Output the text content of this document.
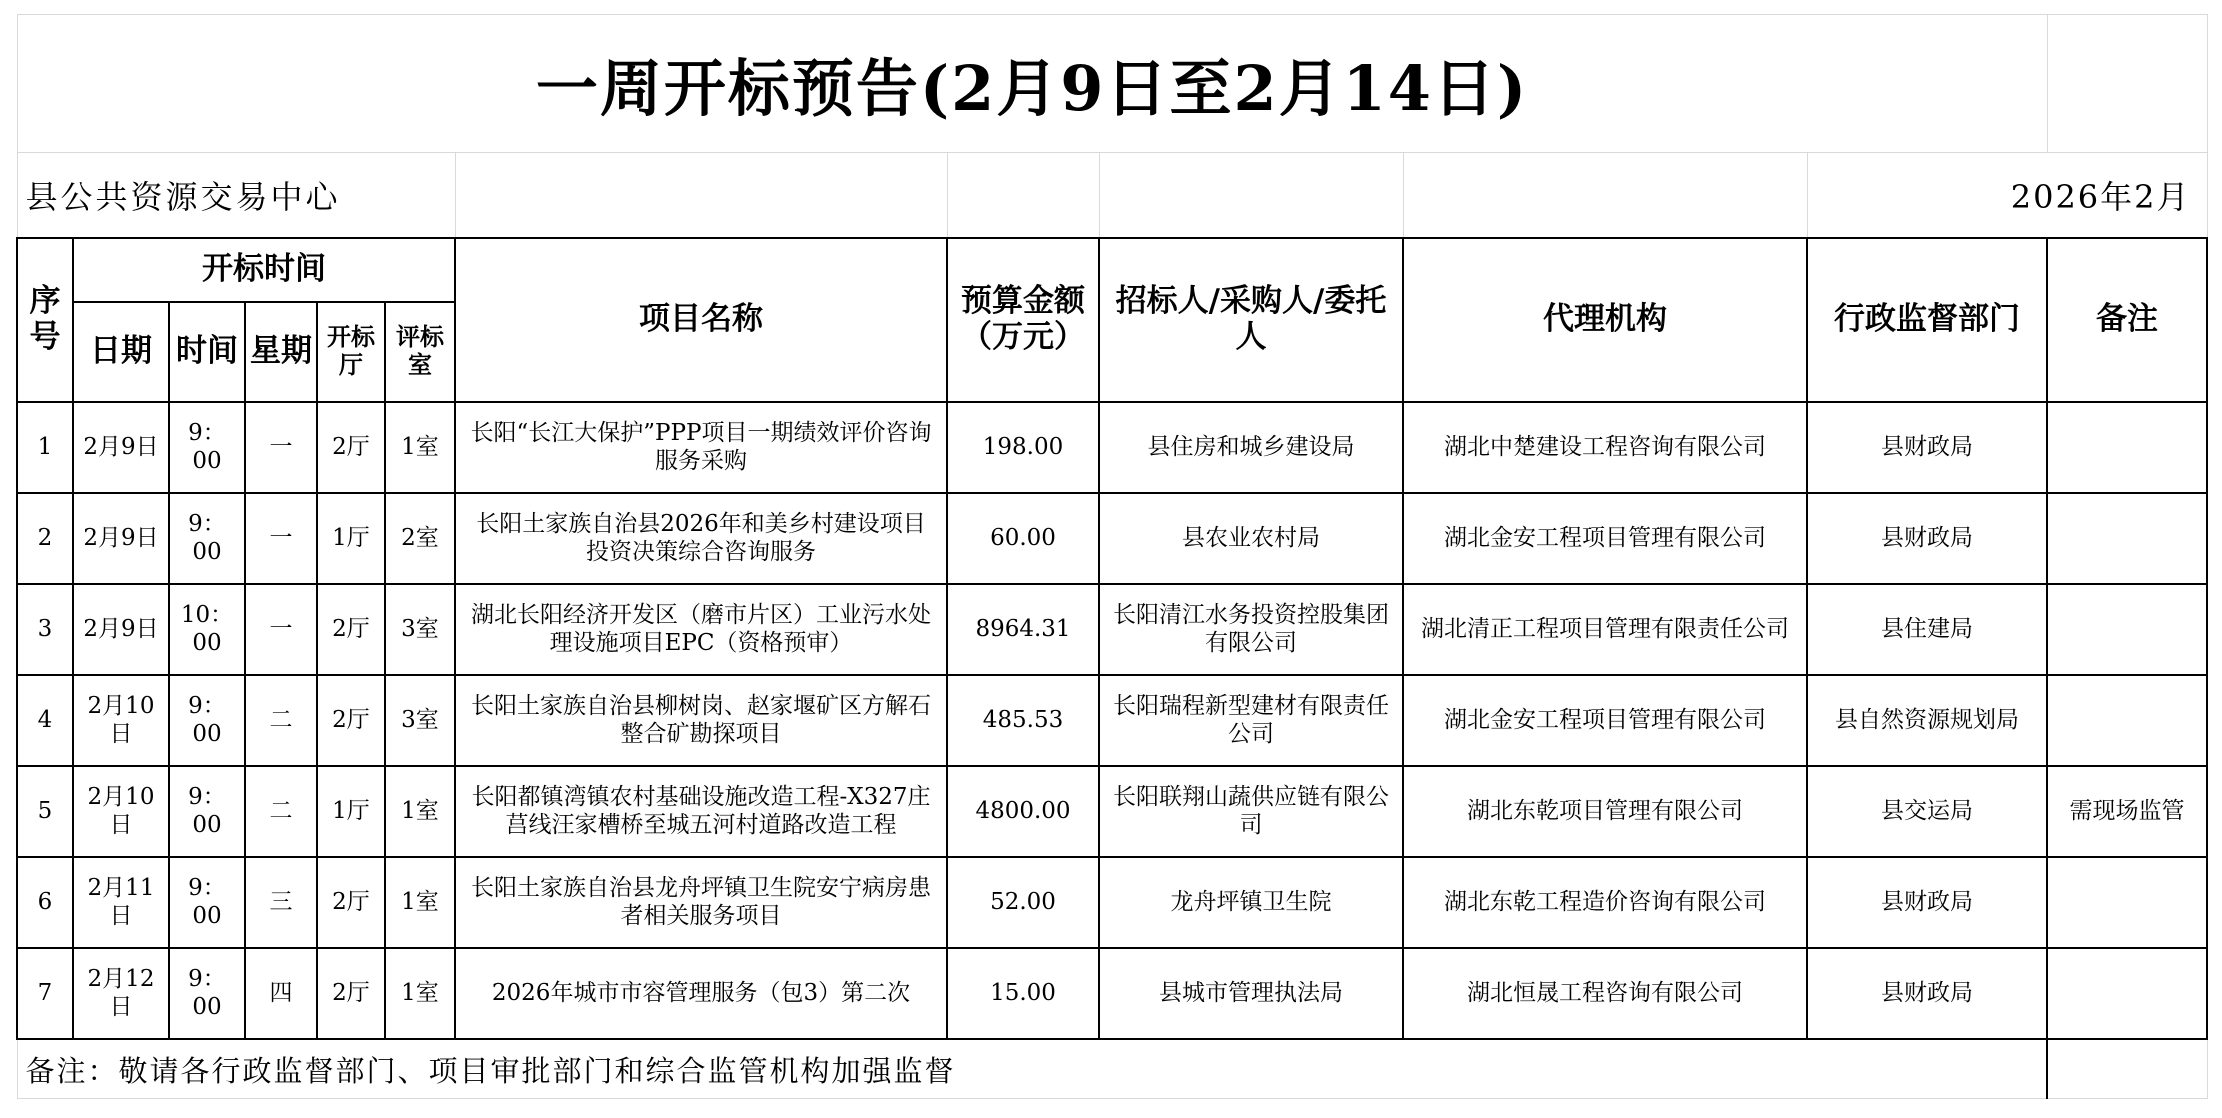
一周开标预告(2月9日至2月14日)											
县公共资源交易中心										2026年2月	
序号	开标时间					项目名称	预算金额（万元）	招标人/采购人/委托人	代理机构	行政监督部门	备注
	日期	时间	星期	开标厅	评标室						
1	2月9日	9：00	一	2厅	1室	长阳“长江大保护”PPP项目一期绩效评价咨询服务采购	198.00	县住房和城乡建设局	湖北中楚建设工程咨询有限公司	县财政局	
2	2月9日	9：00	一	1厅	2室	长阳土家族自治县2026年和美乡村建设项目投资决策综合咨询服务	60.00	县农业农村局	湖北金安工程项目管理有限公司	县财政局	
3	2月9日	10：00	一	2厅	3室	湖北长阳经济开发区（磨市片区）工业污水处理设施项目EPC（资格预审）	8964.31	长阳清江水务投资控股集团有限公司	湖北清正工程项目管理有限责任公司	县住建局	
4	2月10日	9：00	二	2厅	3室	长阳土家族自治县柳树岗、赵家堰矿区方解石整合矿勘探项目	485.53	长阳瑞程新型建材有限责任公司	湖北金安工程项目管理有限公司	县自然资源规划局	
5	2月10日	9：00	二	1厅	1室	长阳都镇湾镇农村基础设施改造工程-X327庄莒线汪家槽桥至城五河村道路改造工程	4800.00	长阳联翔山蔬供应链有限公司	湖北东乾项目管理有限公司	县交运局	需现场监管
6	2月11日	9：00	三	2厅	1室	长阳土家族自治县龙舟坪镇卫生院安宁病房患者相关服务项目	52.00	龙舟坪镇卫生院	湖北东乾工程造价咨询有限公司	县财政局	
7	2月12日	9：00	四	2厅	1室	2026年城市市容管理服务（包3）第二次	15.00	县城市管理执法局	湖北恒晟工程咨询有限公司	县财政局	
备注：敬请各行政监督部门、项目审批部门和综合监管机构加强监督											
